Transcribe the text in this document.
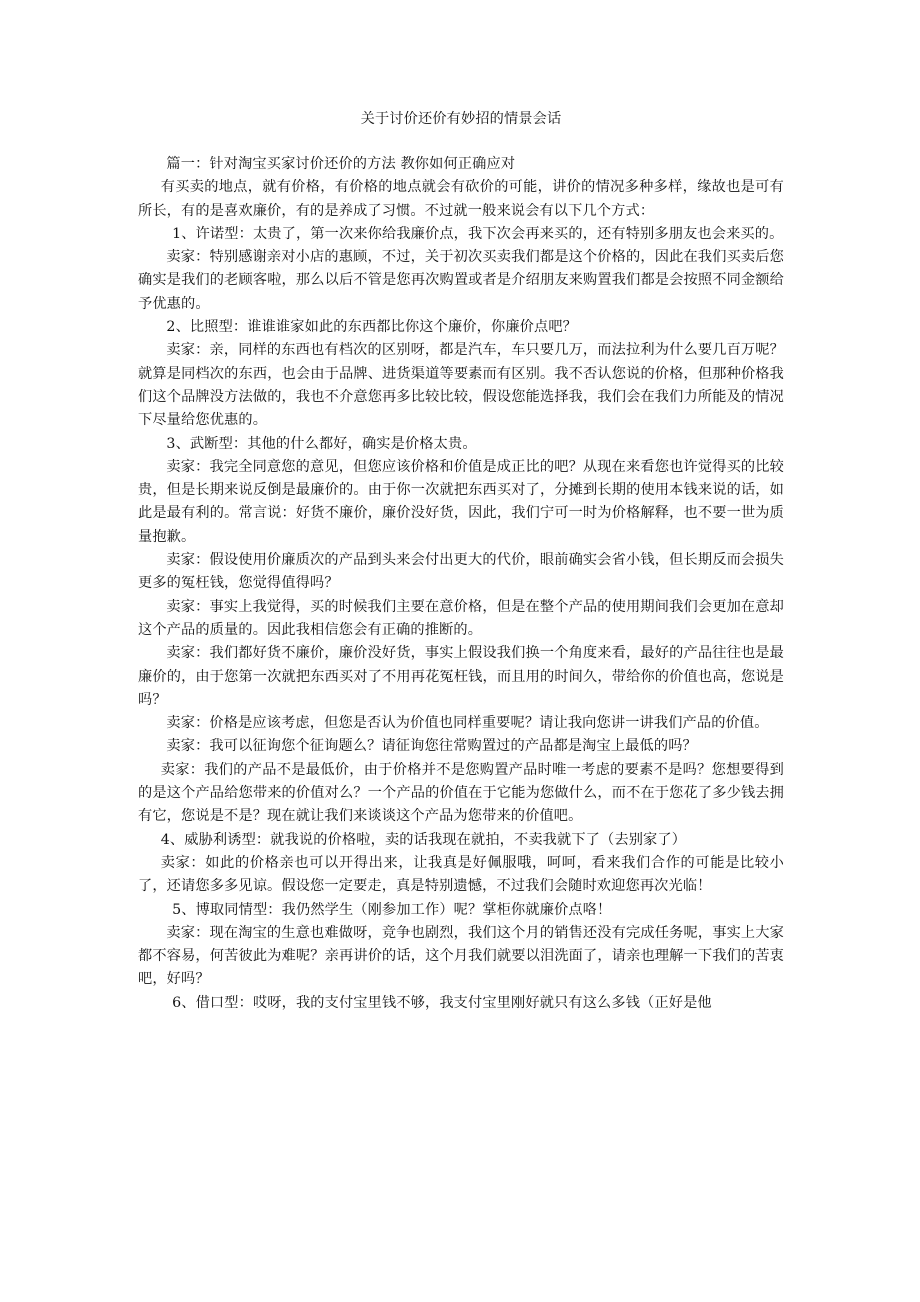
关于讨价还价有妙招的情景会话

篇一：针对淘宝买家讨价还价的方法 教你如何正确应对

有买卖的地点，就有价格，有价格的地点就会有砍价的可能，讲价的情况多种多样，缘故也是可有所长，有的是喜欢廉价，有的是养成了习惯。不过就一般来说会有以下几个方式：

1、许诺型：太贵了，第一次来你给我廉价点，我下次会再来买的，还有特别多朋友也会来买的。

卖家：特别感谢亲对小店的惠顾，不过，关于初次买卖我们都是这个价格的，因此在我们买卖后您确实是我们的老顾客啦，那么以后不管是您再次购置或者是介绍朋友来购置我们都是会按照不同金额给予优惠的。

2、比照型：谁谁谁家如此的东西都比你这个廉价，你廉价点吧？

卖家：亲，同样的东西也有档次的区别呀，都是汽车，车只要几万，而法拉利为什么要几百万呢？就算是同档次的东西，也会由于品牌、进货渠道等要素而有区别。我不否认您说的价格，但那种价格我们这个品牌没方法做的，我也不介意您再多比较比较，假设您能选择我，我们会在我们力所能及的情况下尽量给您优惠的。

3、武断型：其他的什么都好，确实是价格太贵。

卖家：我完全同意您的意见，但您应该价格和价值是成正比的吧？从现在来看您也许觉得买的比较贵，但是长期来说反倒是最廉价的。由于你一次就把东西买对了，分摊到长期的使用本钱来说的话，如此是最有利的。常言说：好货不廉价，廉价没好货，因此，我们宁可一时为价格解释，也不要一世为质量抱歉。

卖家：假设使用价廉质次的产品到头来会付出更大的代价，眼前确实会省小钱，但长期反而会损失更多的冤枉钱，您觉得值得吗？

卖家：事实上我觉得，买的时候我们主要在意价格，但是在整个产品的使用期间我们会更加在意却这个产品的质量的。因此我相信您会有正确的推断的。

卖家：我们都好货不廉价，廉价没好货，事实上假设我们换一个角度来看，最好的产品往往也是最廉价的，由于您第一次就把东西买对了不用再花冤枉钱，而且用的时间久，带给你的价值也高，您说是吗？

卖家：价格是应该考虑，但您是否认为价值也同样重要呢？请让我向您讲一讲我们产品的价值。

卖家：我可以征询您个征询题么？请征询您往常购置过的产品都是淘宝上最低的吗？

卖家：我们的产品不是最低价，由于价格并不是您购置产品时唯一考虑的要素不是吗？您想要得到的是这个产品给您带来的价值对么？一个产品的价值在于它能为您做什么，而不在于您花了多少钱去拥有它，您说是不是？现在就让我们来谈谈这个产品为您带来的价值吧。

4、威胁利诱型：就我说的价格啦，卖的话我现在就拍，不卖我就下了（去别家了）

卖家：如此的价格亲也可以开得出来，让我真是好佩服哦，呵呵，看来我们合作的可能是比较小了，还请您多多见谅。假设您一定要走，真是特别遗憾，不过我们会随时欢迎您再次光临！

5、博取同情型：我仍然学生（刚参加工作）呢？掌柜你就廉价点咯！

卖家：现在淘宝的生意也难做呀，竞争也剧烈，我们这个月的销售还没有完成任务呢，事实上大家都不容易，何苦彼此为难呢？亲再讲价的话，这个月我们就要以泪洗面了，请亲也理解一下我们的苦衷吧，好吗？

6、借口型：哎呀，我的支付宝里钱不够，我支付宝里刚好就只有这么多钱（正好是他
